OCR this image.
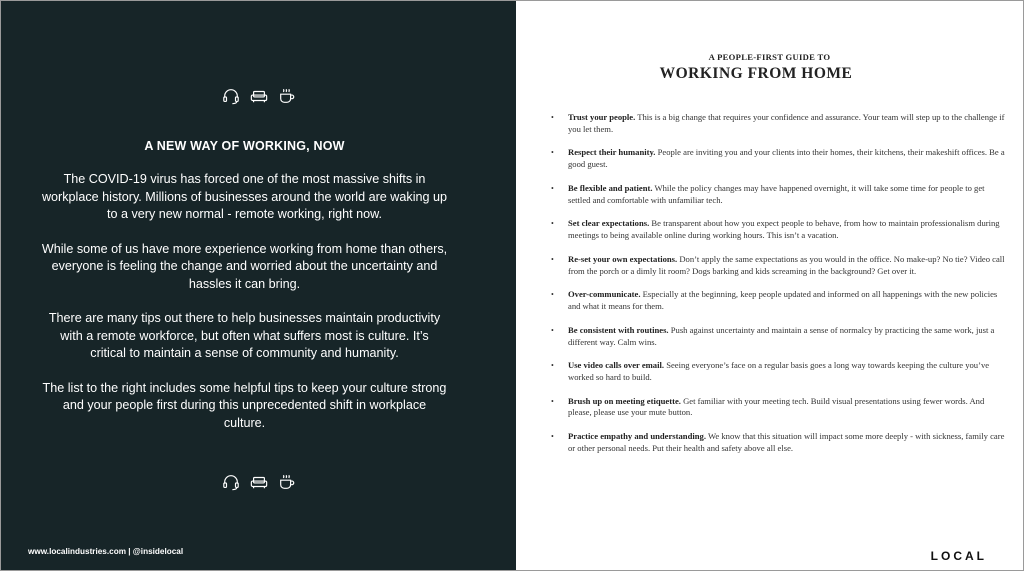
A NEW WAY OF WORKING, NOW

The COVID-19 virus has forced one of the most massive shifts in workplace history. Millions of businesses around the world are waking up to a very new normal - remote working, right now.

While some of us have more experience working from home than others, everyone is feeling the change and worried about the uncertainty and hassles it can bring.

There are many tips out there to help businesses maintain productivity with a remote workforce, but often what suffers most is culture. It’s critical to maintain a sense of community and humanity.

The list to the right includes some helpful tips to keep your culture strong and your people first during this unprecedented shift in workplace culture.

www.localindustries.com | @insidelocal
A PEOPLE-FIRST GUIDE TO
WORKING FROM HOME
• Trust your people. This is a big change that requires your confidence and assurance. Your team will step up to the challenge if you let them.
• Respect their humanity. People are inviting you and your clients into their homes, their kitchens, their makeshift offices. Be a good guest.
• Be flexible and patient. While the policy changes may have happened overnight, it will take some time for people to get settled and comfortable with unfamiliar tech.
• Set clear expectations. Be transparent about how you expect people to behave, from how to maintain professionalism during meetings to being available online during working hours. This isn’t a vacation.
• Re-set your own expectations. Don’t apply the same expectations as you would in the office. No make-up? No tie? Video call from the porch or a dimly lit room? Dogs barking and kids screaming in the background? Get over it.
• Over-communicate. Especially at the beginning, keep people updated and informed on all happenings with the new policies and what it means for them.
• Be consistent with routines. Push against uncertainty and maintain a sense of normalcy by practicing the same work, just a different way. Calm wins.
• Use video calls over email. Seeing everyone’s face on a regular basis goes a long way towards keeping the culture you’ve worked so hard to build.
• Brush up on meeting etiquette. Get familiar with your meeting tech. Build visual presentations using fewer words. And please, please use your mute button.
• Practice empathy and understanding. We know that this situation will impact some more deeply - with sickness, family care or other personal needs. Put their health and safety above all else.
LOCAL
